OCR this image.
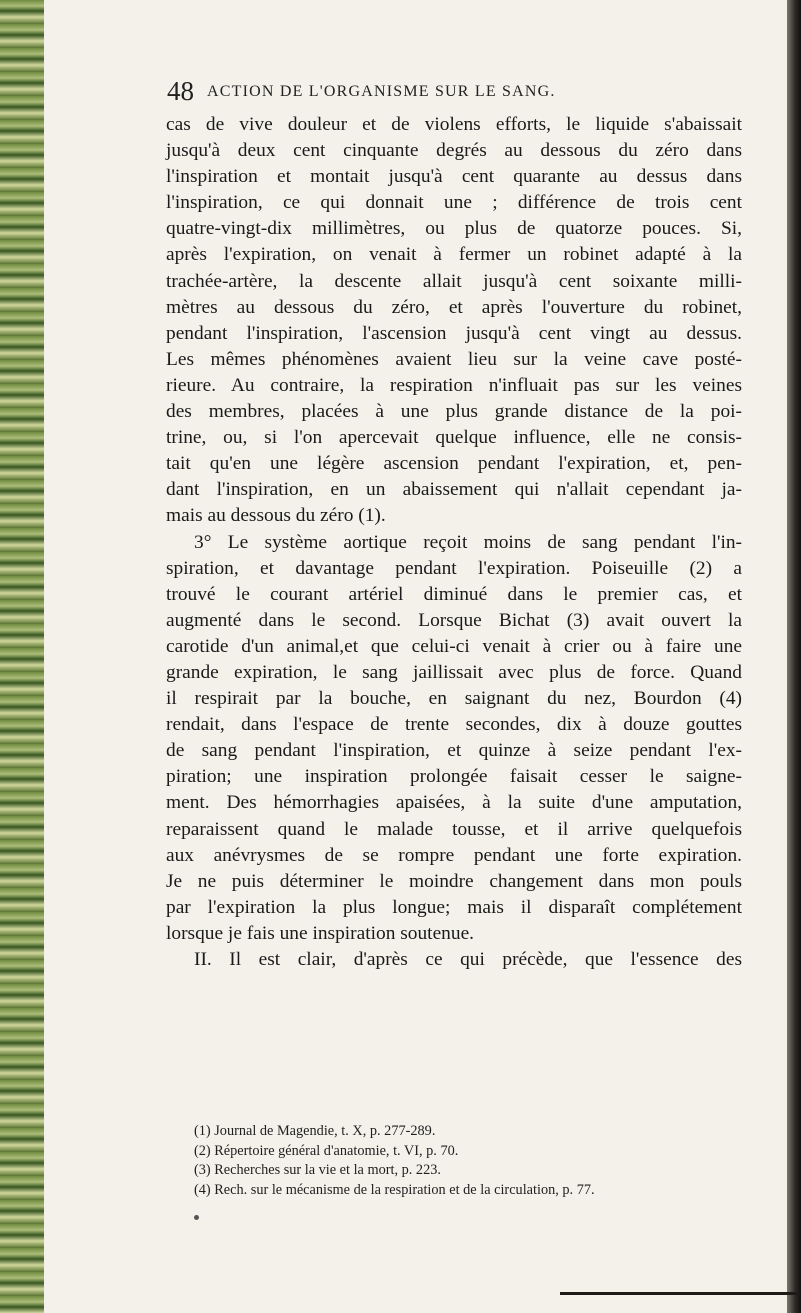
48 ACTION DE L'ORGANISME SUR LE SANG.
cas de vive douleur et de violens efforts, le liquide s'abaissait
jusqu'à deux cent cinquante degrés au dessous du zéro dans
l'inspiration et montait jusqu'à cent quarante au dessus dans
l'inspiration, ce qui donnait une ; différence de trois cent
quatre-vingt-dix millimètres, ou plus de quatorze pouces. Si,
après l'expiration, on venait à fermer un robinet adapté à la
trachée-artère, la descente allait jusqu'à cent soixante milli-
mètres au dessous du zéro, et après l'ouverture du robinet,
pendant l'inspiration, l'ascension jusqu'à cent vingt au dessus.
Les mêmes phénomènes avaient lieu sur la veine cave posté-
rieure. Au contraire, la respiration n'influait pas sur les veines
des membres, placées à une plus grande distance de la poi-
trine, ou, si l'on apercevait quelque influence, elle ne consis-
tait qu'en une légère ascension pendant l'expiration, et, pen-
dant l'inspiration, en un abaissement qui n'allait cependant ja-
mais au dessous du zéro (1).
3° Le système aortique reçoit moins de sang pendant l'in-
spiration, et davantage pendant l'expiration. Poiseuille (2) a
trouvé le courant artériel diminué dans le premier cas, et
augmenté dans le second. Lorsque Bichat (3) avait ouvert la
carotide d'un animal,et que celui-ci venait à crier ou à faire une
grande expiration, le sang jaillissait avec plus de force. Quand
il respirait par la bouche, en saignant du nez, Bourdon (4)
rendait, dans l'espace de trente secondes, dix à douze gouttes
de sang pendant l'inspiration, et quinze à seize pendant l'ex-
piration; une inspiration prolongée faisait cesser le saigne-
ment. Des hémorrhagies apaisées, à la suite d'une amputation,
reparaissent quand le malade tousse, et il arrive quelquefois
aux anévrysmes de se rompre pendant une forte expiration.
Je ne puis déterminer le moindre changement dans mon pouls
par l'expiration la plus longue; mais il disparaît complétement
lorsque je fais une inspiration soutenue.
II. Il est clair, d'après ce qui précède, que l'essence des
(1) Journal de Magendie, t. X, p. 277-289.
(2) Répertoire général d'anatomie, t. VI, p. 70.
(3) Recherches sur la vie et la mort, p. 223.
(4) Rech. sur le mécanisme de la respiration et de la circulation, p. 77.
